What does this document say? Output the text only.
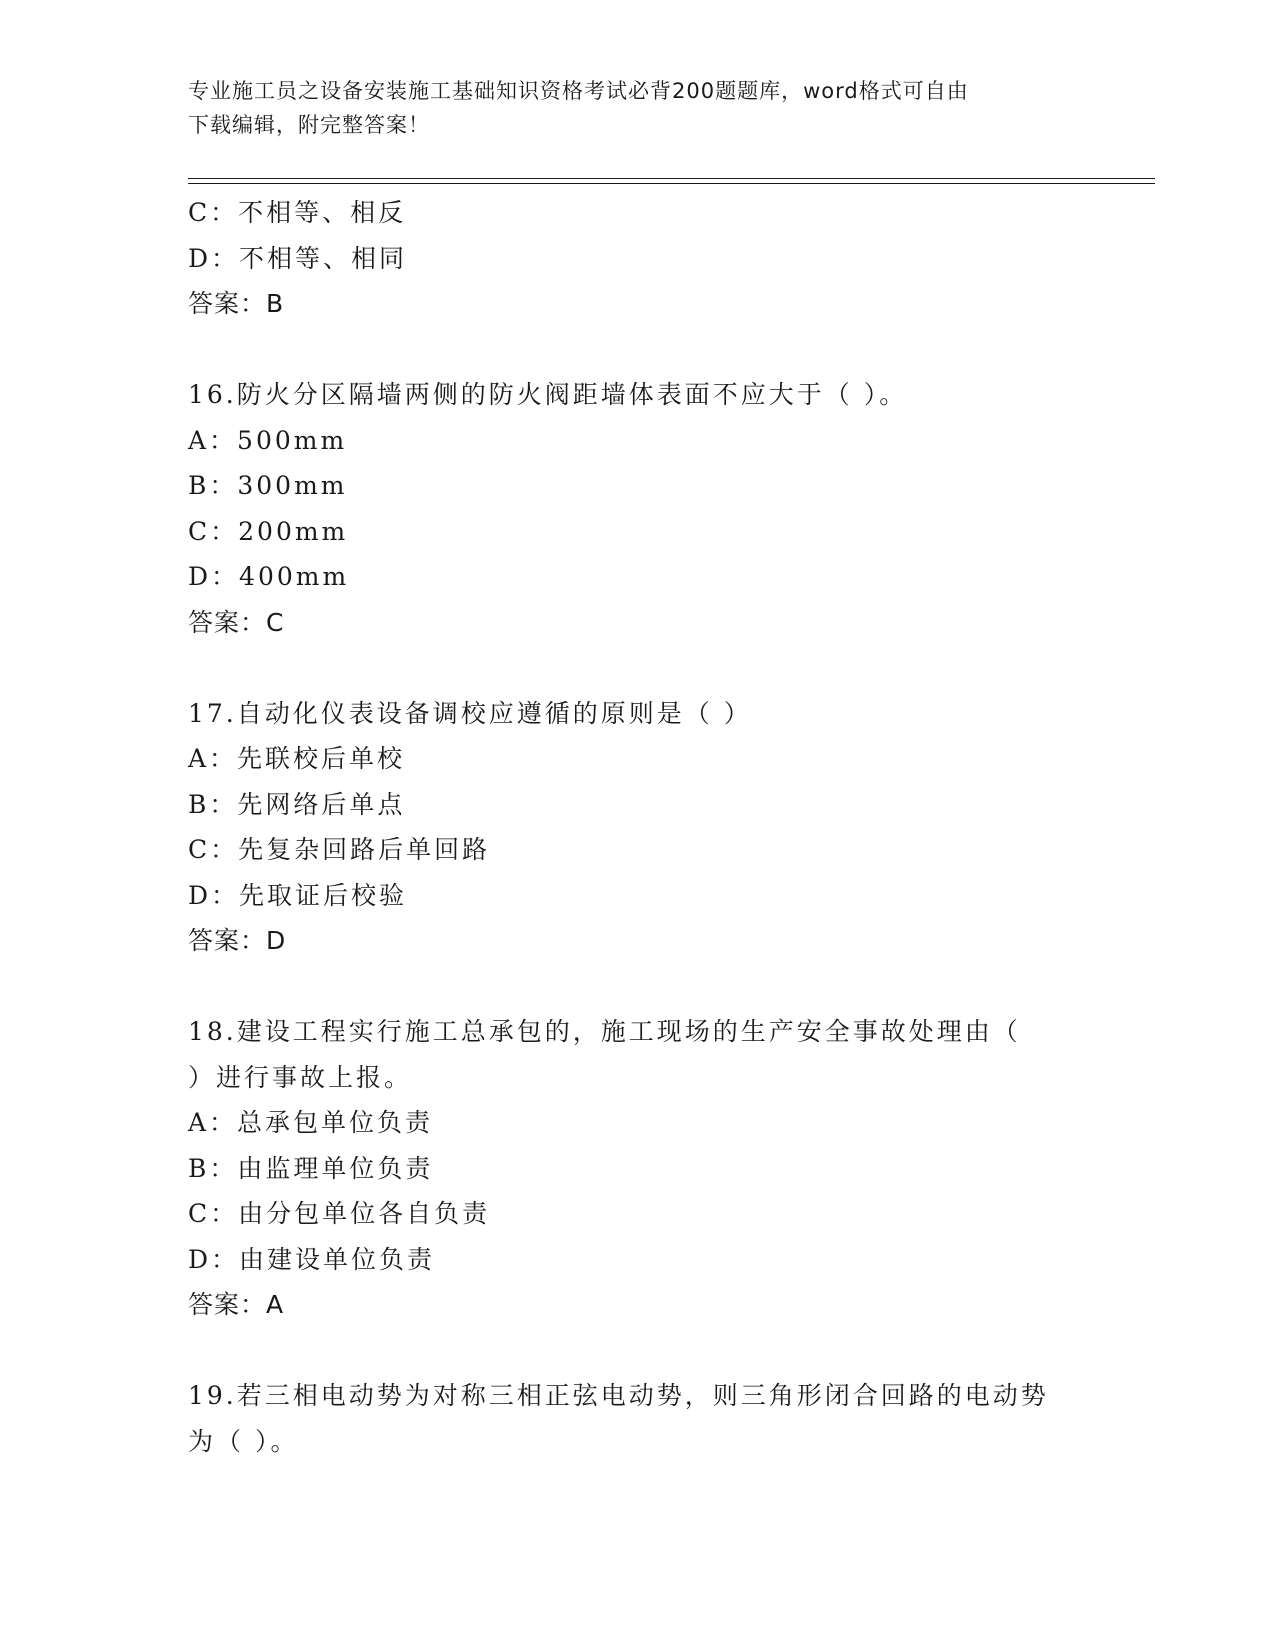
专业施工员之设备安装施工基础知识资格考试必背200题题库，word格式可自由
下载编辑，附完整答案！
C：不相等、相反
D：不相等、相同
答案：B
16.防火分区隔墙两侧的防火阀距墙体表面不应大于（ ）。
A：500mm
B：300mm
C：200mm
D：400mm
答案：C
17.自动化仪表设备调校应遵循的原则是（ ）
A：先联校后单校
B：先网络后单点
C：先复杂回路后单回路
D：先取证后校验
答案：D
18.建设工程实行施工总承包的，施工现场的生产安全事故处理由（
）进行事故上报。
A：总承包单位负责
B：由监理单位负责
C：由分包单位各自负责
D：由建设单位负责
答案：A
19.若三相电动势为对称三相正弦电动势，则三角形闭合回路的电动势
为（ ）。
